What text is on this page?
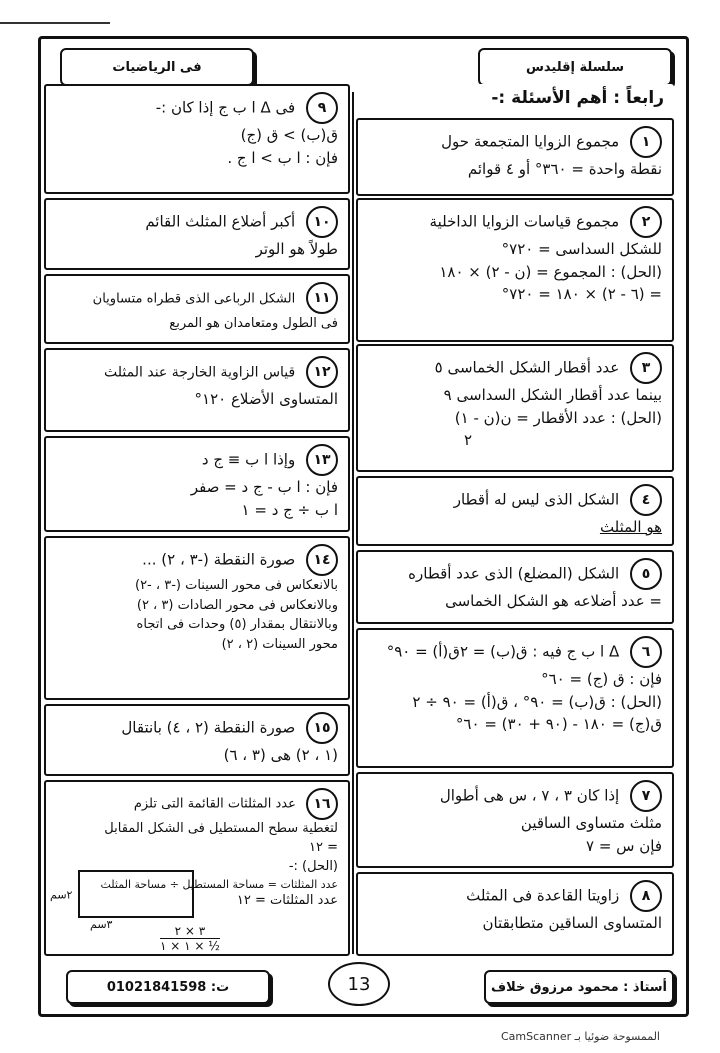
سلسلة إقليدس
فى الرياضيات
رابعاً : أهم الأسئلة :-
١ مجموع الزوايا المتجمعة حول
نقطة واحدة = ٣٦٠° أو ٤ قوائم
٢ مجموع قياسات الزوايا الداخلية
للشكل السداسى = ٧٢٠°
(الحل) : المجموع = (ن - ٢) × ١٨٠
= (٦ - ٢) × ١٨٠ = ٧٢٠°
٣ عدد أقطار الشكل الخماسى ٥
بينما عدد أقطار الشكل السداسى ٩
(الحل) : عدد الأقطار = ن(ن - ١)
٢
٤ الشكل الذى ليس له أقطار
هو المثلث
٥ الشكل (المضلع) الذى عدد أقطاره
= عدد أضلاعه هو الشكل الخماسى
٦ Δ ا ب ج فيه : ق(ب) = ٢ق(أ) = ٩٠°
فإن : ق (ج) = ٦٠°
(الحل) : ق(ب) = ٩٠° ، ق(أ) = ٩٠ ÷ ٢
ق(ج) = ١٨٠ - (٩٠ + ٣٠) = ٦٠°
٧ إذا كان ٣ ، ٧ ، س هى أطوال
مثلث متساوى الساقين
فإن س = ٧
٨ زاويتا القاعدة فى المثلث
المتساوى الساقين متطابقتان
٩ فى Δ ا ب ج إذا كان :-
ق(ب) > ق (ج)
فإن : ا ب > ا ج .
١٠ أكبر أضلاع المثلث القائم
طولاً هو الوتر
١١ الشكل الرباعى الذى قطراه متساويان
فى الطول ومتعامدان هو المربع
١٢ قياس الزاوية الخارجة عند المثلث
المتساوى الأضلاع ١٢٠°
١٣ وإذا ا ب ≡ ج د
فإن : ا ب - ج د = صفر
ا ب ÷ ج د = ١
١٤ صورة النقطة (-٣ ، ٢) ...
بالانعكاس فى محور السينات (-٣ ، -٢)
وبالانعكاس فى محور الصادات (٣ ، ٢)
وبالانتقال بمقدار (٥) وحدات فى اتجاه
محور السينات (٢ ، ٢)
١٥ صورة النقطة (٢ ، ٤) بانتقال
(١ ، ٢) هى (٣ ، ٦)
١٦ عدد المثلثات القائمة التى تلزم
لتغطية سطح المستطيل فى الشكل المقابل
= ١٢
(الحل) :-
عدد المثلثات = مساحة المستطيل ÷ مساحة المثلث
عدد المثلثات = ١٢
٢سم
٣سم	٣ × ٢
١ × ١ × ½
ت: 01021841598	13	أستاذ : محمود مرزوق خلاف
الممسوحة ضوئيا بـ CamScanner
